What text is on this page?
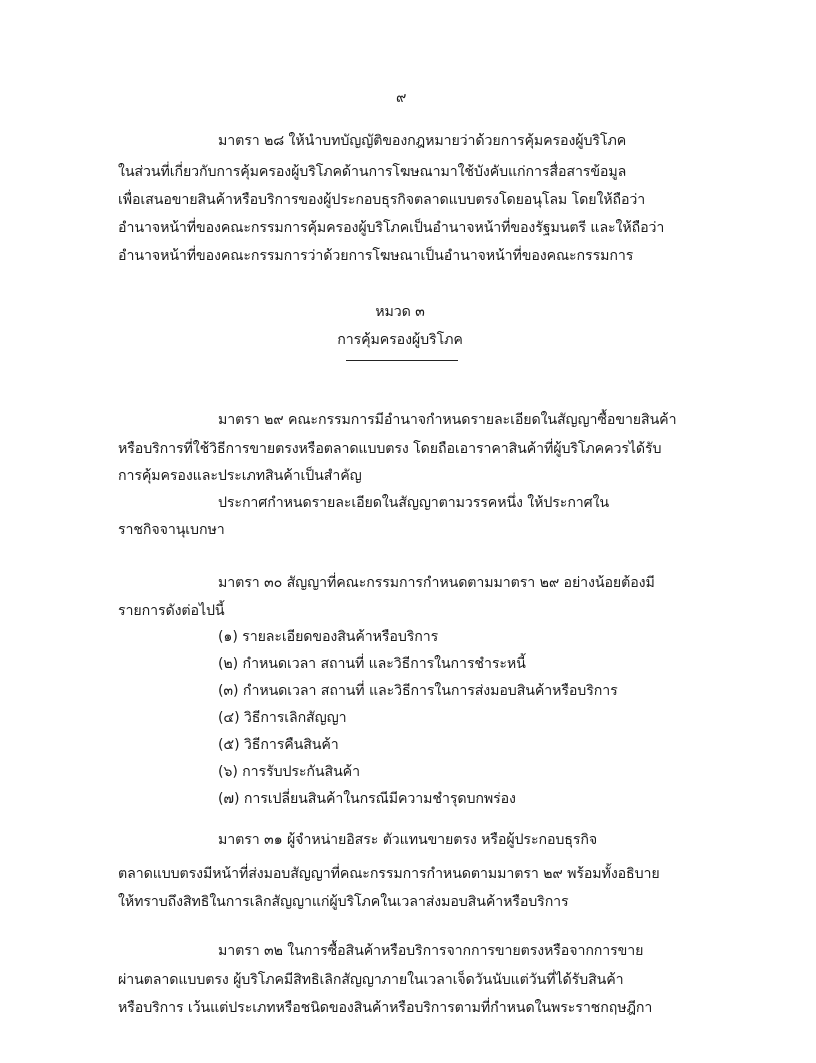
๙
มาตรา ๒๘ ให้นำบทบัญญัติของกฎหมายว่าด้วยการคุ้มครองผู้บริโภค
ในส่วนที่เกี่ยวกับการคุ้มครองผู้บริโภคด้านการโฆษณามาใช้บังคับแก่การสื่อสารข้อมูล
เพื่อเสนอขายสินค้าหรือบริการของผู้ประกอบธุรกิจตลาดแบบตรงโดยอนุโลม โดยให้ถือว่า
อำนาจหน้าที่ของคณะกรรมการคุ้มครองผู้บริโภคเป็นอำนาจหน้าที่ของรัฐมนตรี และให้ถือว่า
อำนาจหน้าที่ของคณะกรรมการว่าด้วยการโฆษณาเป็นอำนาจหน้าที่ของคณะกรรมการ
หมวด ๓
การคุ้มครองผู้บริโภค
มาตรา ๒๙ คณะกรรมการมีอำนาจกำหนดรายละเอียดในสัญญาซื้อขายสินค้า
หรือบริการที่ใช้วิธีการขายตรงหรือตลาดแบบตรง โดยถือเอาราคาสินค้าที่ผู้บริโภคควรได้รับ
การคุ้มครองและประเภทสินค้าเป็นสำคัญ
ประกาศกำหนดรายละเอียดในสัญญาตามวรรคหนึ่ง ให้ประกาศใน
ราชกิจจานุเบกษา
มาตรา ๓๐ สัญญาที่คณะกรรมการกำหนดตามมาตรา ๒๙ อย่างน้อยต้องมี
รายการดังต่อไปนี้
(๑) รายละเอียดของสินค้าหรือบริการ
(๒) กำหนดเวลา สถานที่ และวิธีการในการชำระหนี้
(๓) กำหนดเวลา สถานที่ และวิธีการในการส่งมอบสินค้าหรือบริการ
(๔) วิธีการเลิกสัญญา
(๕) วิธีการคืนสินค้า
(๖) การรับประกันสินค้า
(๗) การเปลี่ยนสินค้าในกรณีมีความชำรุดบกพร่อง
มาตรา ๓๑ ผู้จำหน่ายอิสระ ตัวแทนขายตรง หรือผู้ประกอบธุรกิจ
ตลาดแบบตรงมีหน้าที่ส่งมอบสัญญาที่คณะกรรมการกำหนดตามมาตรา ๒๙ พร้อมทั้งอธิบาย
ให้ทราบถึงสิทธิในการเลิกสัญญาแก่ผู้บริโภคในเวลาส่งมอบสินค้าหรือบริการ
มาตรา ๓๒ ในการซื้อสินค้าหรือบริการจากการขายตรงหรือจากการขาย
ผ่านตลาดแบบตรง ผู้บริโภคมีสิทธิเลิกสัญญาภายในเวลาเจ็ดวันนับแต่วันที่ได้รับสินค้า
หรือบริการ เว้นแต่ประเภทหรือชนิดของสินค้าหรือบริการตามที่กำหนดในพระราชกฤษฎีกา
